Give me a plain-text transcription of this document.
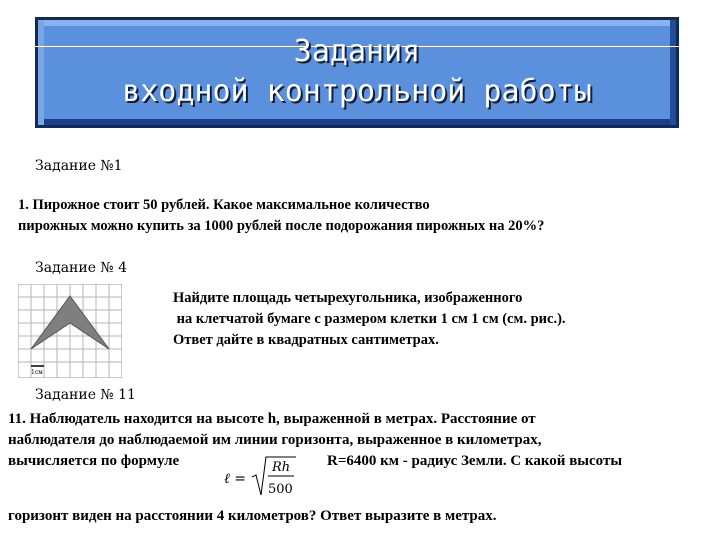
Задания
входной контрольной работы
Задание №1
1. Пирожное стоит 50 рублей. Какое максимальное количество
пирожных можно купить за 1000 рублей после подорожания пирожных на 20%?
Задание № 4
1см
Найдите площадь четырехугольника, изображенного
на клетчатой бумаге с размером клетки 1 см 1 см (см. рис.).
Ответ дайте в квадратных сантиметрах.
Задание № 11
11. Наблюдатель находится на высоте h, выраженной в метрах. Расстояние от
наблюдателя до наблюдаемой им линии горизонта, выраженное в километрах,
вычисляется по формуле	R=6400 км - радиус Земли. С какой высоты
ℓ =
Rh
500
горизонт виден на расстоянии 4 километров? Ответ выразите в метрах.
